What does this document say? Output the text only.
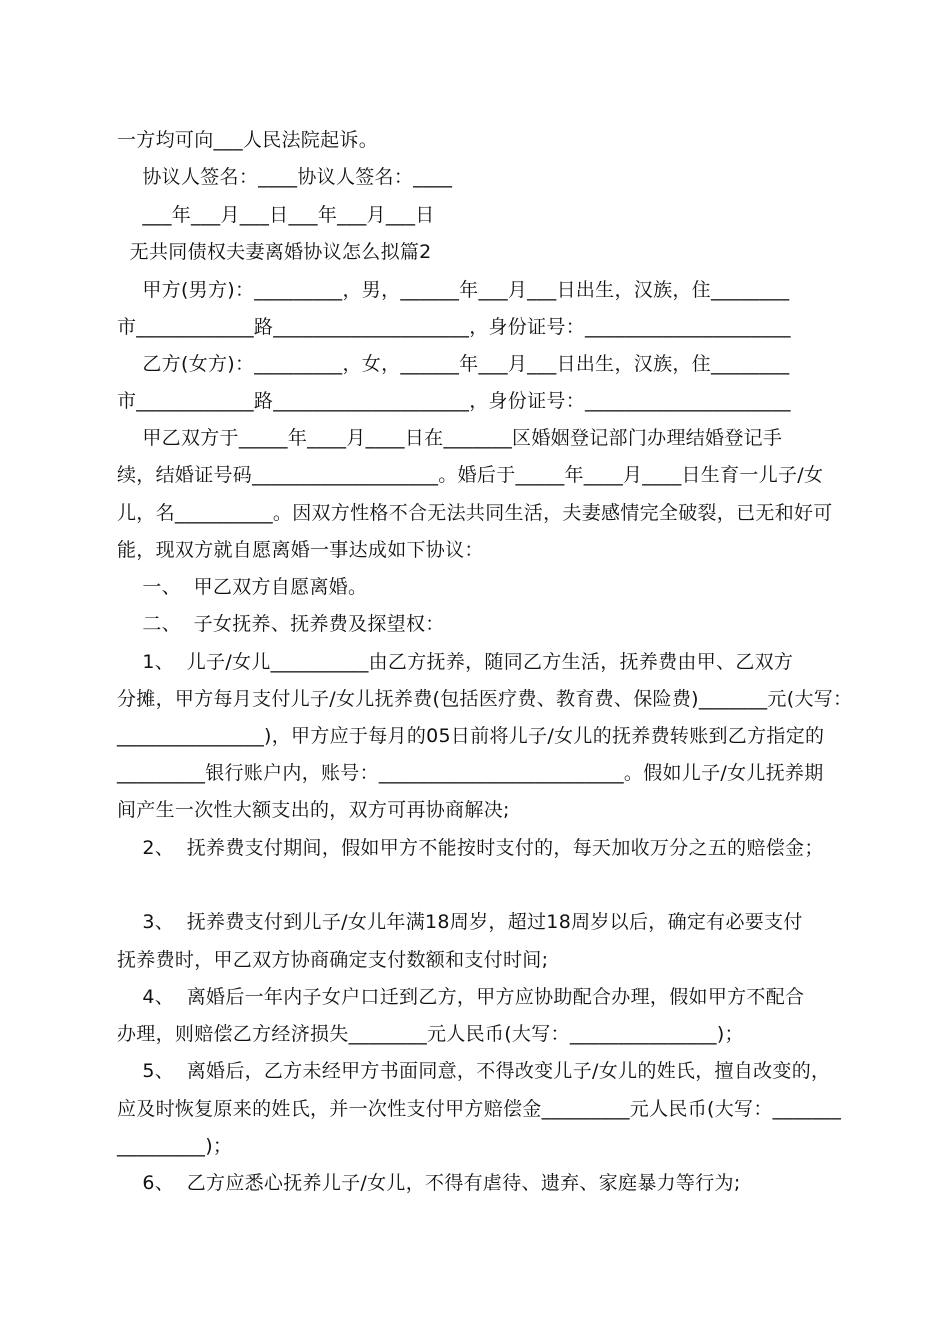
一方均可向___人民法院起诉。
协议人签名：____协议人签名：____
___年___月___日___年___月___日
无共同债权夫妻离婚协议怎么拟篇2
甲方(男方)：_________，男，______年___月___日出生，汉族，住________
市____________路____________________，身份证号：_____________________
乙方(女方)：_________，女，______年___月___日出生，汉族，住________
市____________路____________________，身份证号：_____________________
甲乙双方于_____年____月____日在_______区婚姻登记部门办理结婚登记手
续，结婚证号码___________________。婚后于_____年____月____日生育一儿子/女
儿，名__________。因双方性格不合无法共同生活，夫妻感情完全破裂，已无和好可
能，现双方就自愿离婚一事达成如下协议：
一、  甲乙双方自愿离婚。
二、  子女抚养、抚养费及探望权：
1、  儿子/女儿__________由乙方抚养，随同乙方生活，抚养费由甲、乙双方
分摊，甲方每月支付儿子/女儿抚养费(包括医疗费、教育费、保险费)_______元(大写：
_______________)，甲方应于每月的05日前将儿子/女儿的抚养费转账到乙方指定的
_________银行账户内，账号：_________________________。假如儿子/女儿抚养期
间产生一次性大额支出的，双方可再协商解决;
2、  抚养费支付期间，假如甲方不能按时支付的，每天加收万分之五的赔偿金；
3、  抚养费支付到儿子/女儿年满18周岁，超过18周岁以后，确定有必要支付
抚养费时，甲乙双方协商确定支付数额和支付时间;
4、  离婚后一年内子女户口迁到乙方，甲方应协助配合办理，假如甲方不配合
办理，则赔偿乙方经济损失________元人民币(大写：_______________)；
5、  离婚后，乙方未经甲方书面同意，不得改变儿子/女儿的姓氏，擅自改变的，
应及时恢复原来的姓氏，并一次性支付甲方赔偿金_________元人民币(大写：_______
_________)；
6、  乙方应悉心抚养儿子/女儿，不得有虐待、遗弃、家庭暴力等行为;
